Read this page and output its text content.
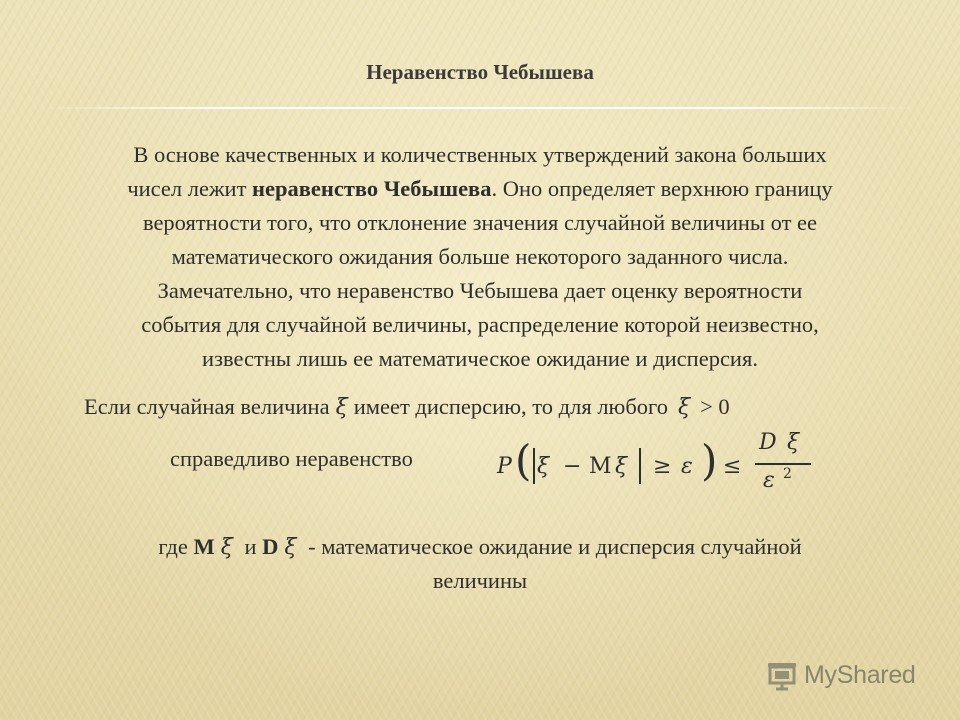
Неравенство Чебышева
В основе качественных и количественных утверждений закона больших
чисел лежит неравенство Чебышева. Оно определяет верхнюю границу
вероятности того, что отклонение значения случайной величины от ее
математического ожидания больше некоторого заданного числа.
Замечательно, что неравенство Чебышева дает оценку вероятности
события для случайной величины, распределение которой неизвестно,
известны лишь ее математическое ожидание и дисперсия.
Если случайная величина ξ имеет дисперсию, то для любого ξ > 0
справедливо неравенство	P ( ξ − M ξ ≥ ε ) ≤
D ξ
ε 2
где M ξ и D ξ - математическое ожидание и дисперсия случайной
величины
MyShared
